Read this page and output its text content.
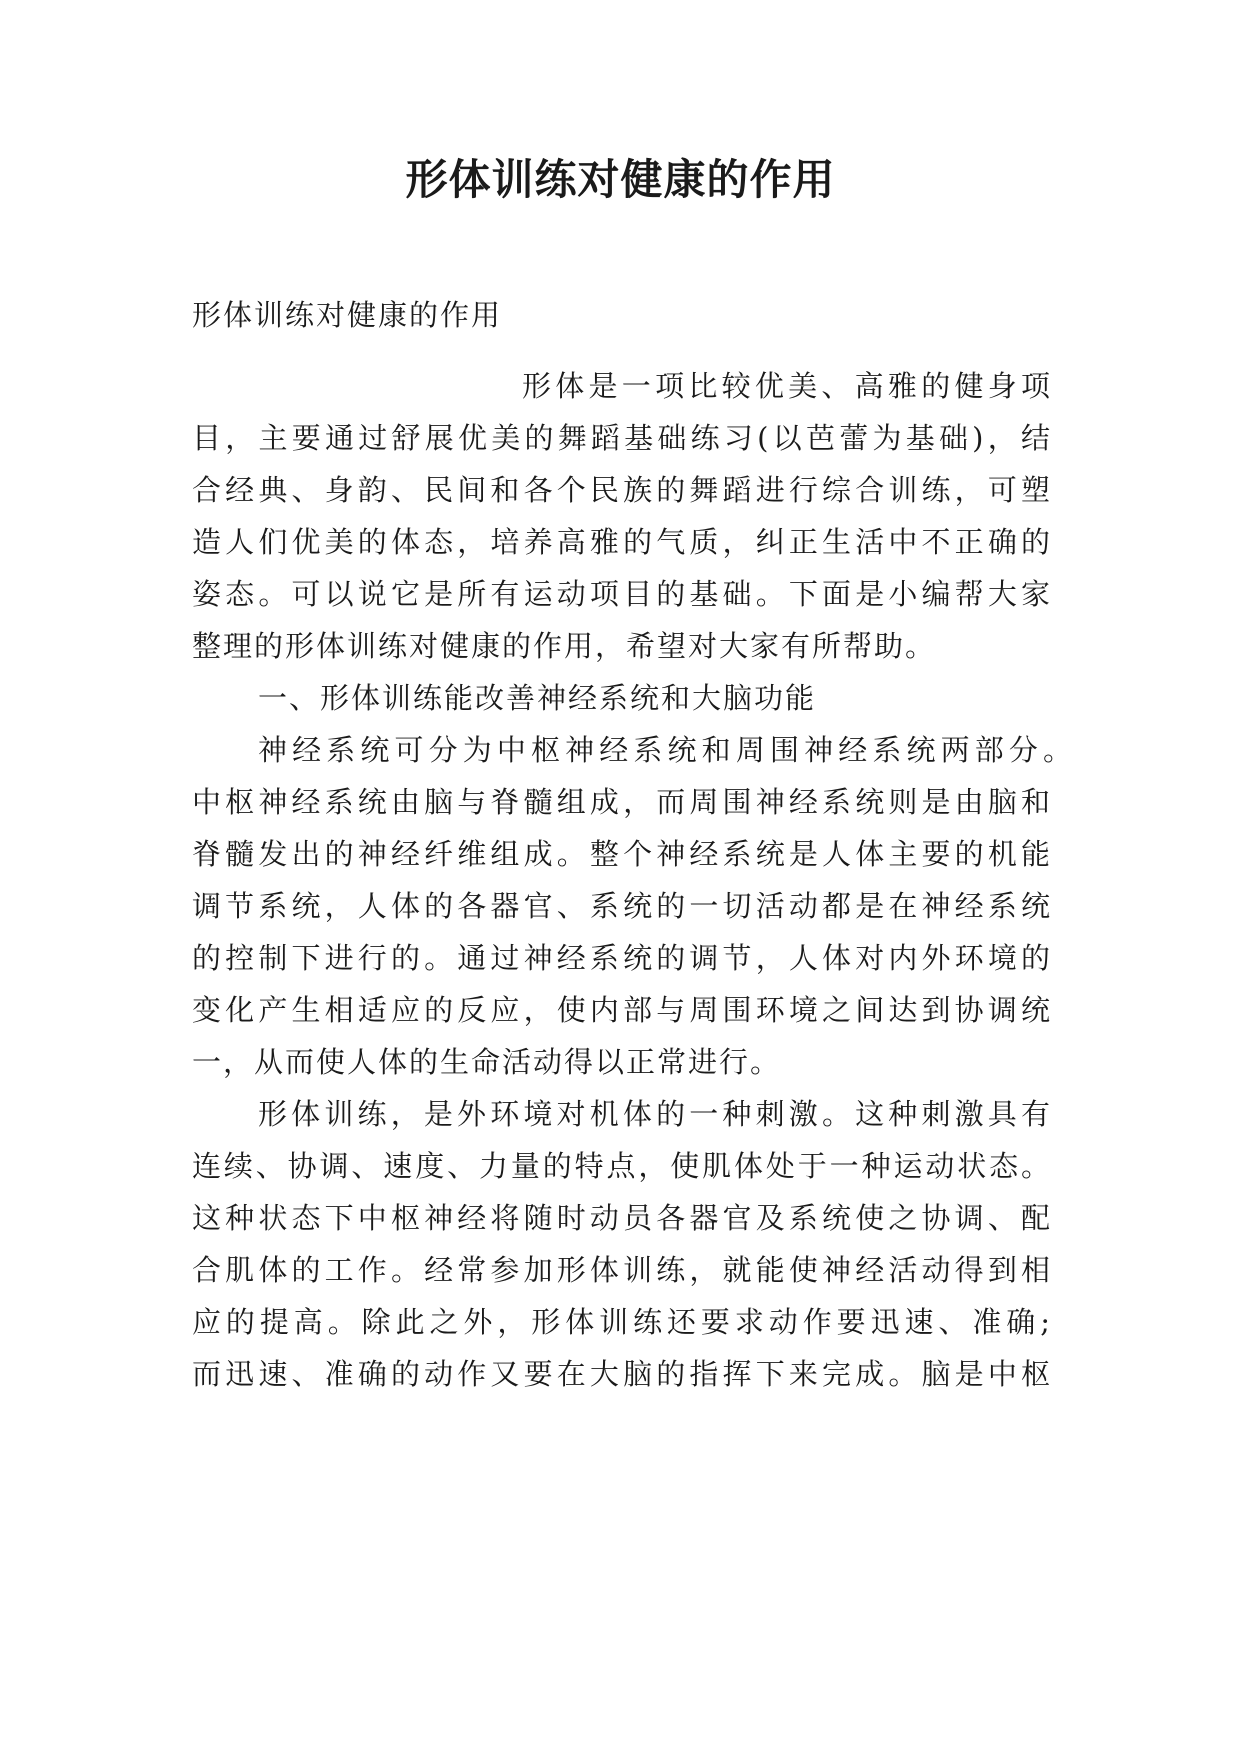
形体训练对健康的作用
形体训练对健康的作用
形体是一项比较优美、高雅的健身项
目，主要通过舒展优美的舞蹈基础练习(以芭蕾为基础)，结
合经典、身韵、民间和各个民族的舞蹈进行综合训练，可塑
造人们优美的体态，培养高雅的气质，纠正生活中不正确的
姿态。可以说它是所有运动项目的基础。下面是小编帮大家
整理的形体训练对健康的作用，希望对大家有所帮助。
一、形体训练能改善神经系统和大脑功能
神经系统可分为中枢神经系统和周围神经系统两部分。
中枢神经系统由脑与脊髓组成，而周围神经系统则是由脑和
脊髓发出的神经纤维组成。整个神经系统是人体主要的机能
调节系统，人体的各器官、系统的一切活动都是在神经系统
的控制下进行的。通过神经系统的调节，人体对内外环境的
变化产生相适应的反应，使内部与周围环境之间达到协调统
一，从而使人体的生命活动得以正常进行。
形体训练，是外环境对机体的一种刺激。这种刺激具有
连续、协调、速度、力量的特点，使肌体处于一种运动状态。
这种状态下中枢神经将随时动员各器官及系统使之协调、配
合肌体的工作。经常参加形体训练，就能使神经活动得到相
应的提高。除此之外，形体训练还要求动作要迅速、准确;
而迅速、准确的动作又要在大脑的指挥下来完成。脑是中枢
